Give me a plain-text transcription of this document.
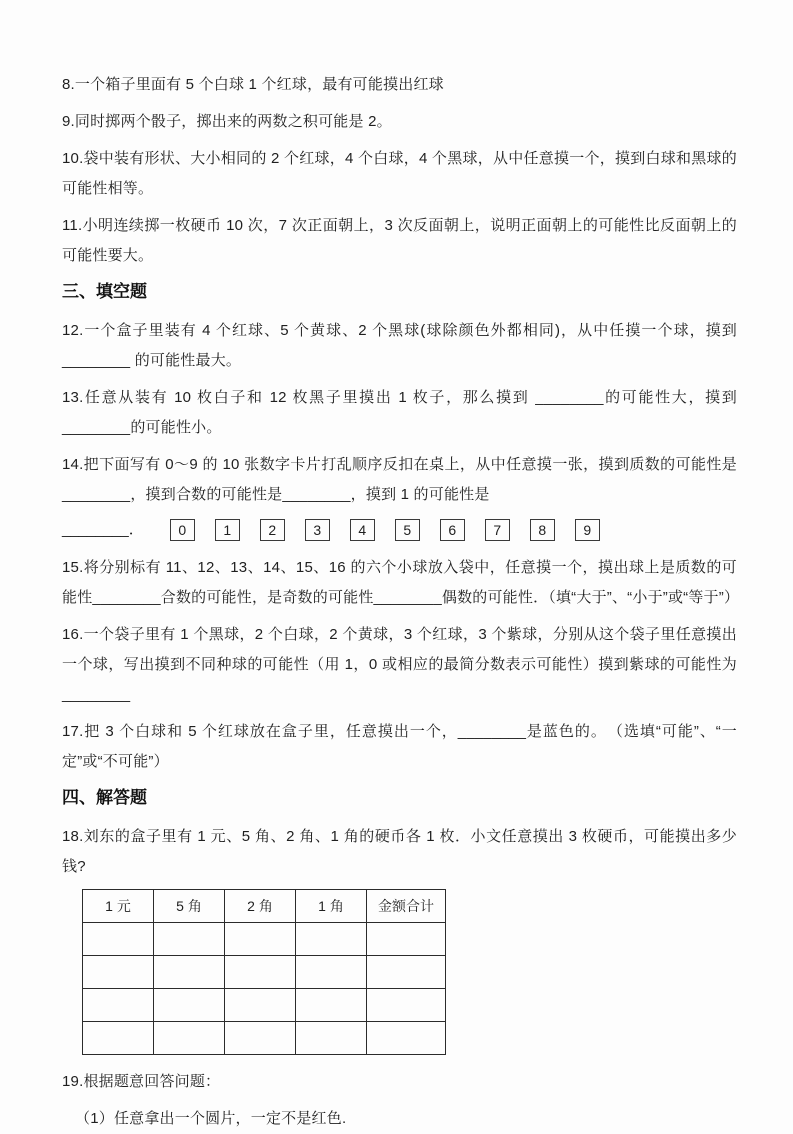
8.一个箱子里面有 5 个白球 1 个红球，最有可能摸出红球

9.同时掷两个骰子，掷出来的两数之积可能是 2。

10.袋中装有形状、大小相同的 2 个红球，4 个白球，4 个黑球，从中任意摸一个，摸到白球和黑球的可能性相等。

11.小明连续掷一枚硬币 10 次，7 次正面朝上，3 次反面朝上，说明正面朝上的可能性比反面朝上的可能性要大。

三、填空题

12.一个盒子里装有 4 个红球、5 个黄球、2 个黑球(球除颜色外都相同)，从中任摸一个球，摸到________ 的可能性最大。

13.任意从装有 10 枚白子和 12 枚黑子里摸出 1 枚子，那么摸到 ________的可能性大，摸到________的可能性小。

14.把下面写有 0～9 的 10 张数字卡片打乱顺序反扣在桌上，从中任意摸一张，摸到质数的可能性是________，摸到合数的可能性是________，摸到 1 的可能性是

________．	0	1	2	3	4	5	6	7	8	9

15.将分别标有 11、12、13、14、15、16 的六个小球放入袋中，任意摸一个，摸出球上是质数的可能性________合数的可能性，是奇数的可能性________偶数的可能性．（填“大于”、“小于”或“等于”）

16.一个袋子里有 1 个黑球，2 个白球，2 个黄球，3 个红球，3 个紫球，分别从这个袋子里任意摸出一个球，写出摸到不同种球的可能性（用 1，0 或相应的最简分数表示可能性）摸到紫球的可能性为________

17.把 3 个白球和 5 个红球放在盒子里，任意摸出一个，________是蓝色的。　（选填“可能”、“一定”或“不可能”）

四、解答题

18.刘东的盒子里有 1 元、5 角、2 角、1 角的硬币各 1 枚．小文任意摸出 3 枚硬币，可能摸出多少钱?

1 元	5 角	2 角	1 角	金额合计

19.根据题意回答问题：

（1）任意拿出一个圆片，一定不是红色.
